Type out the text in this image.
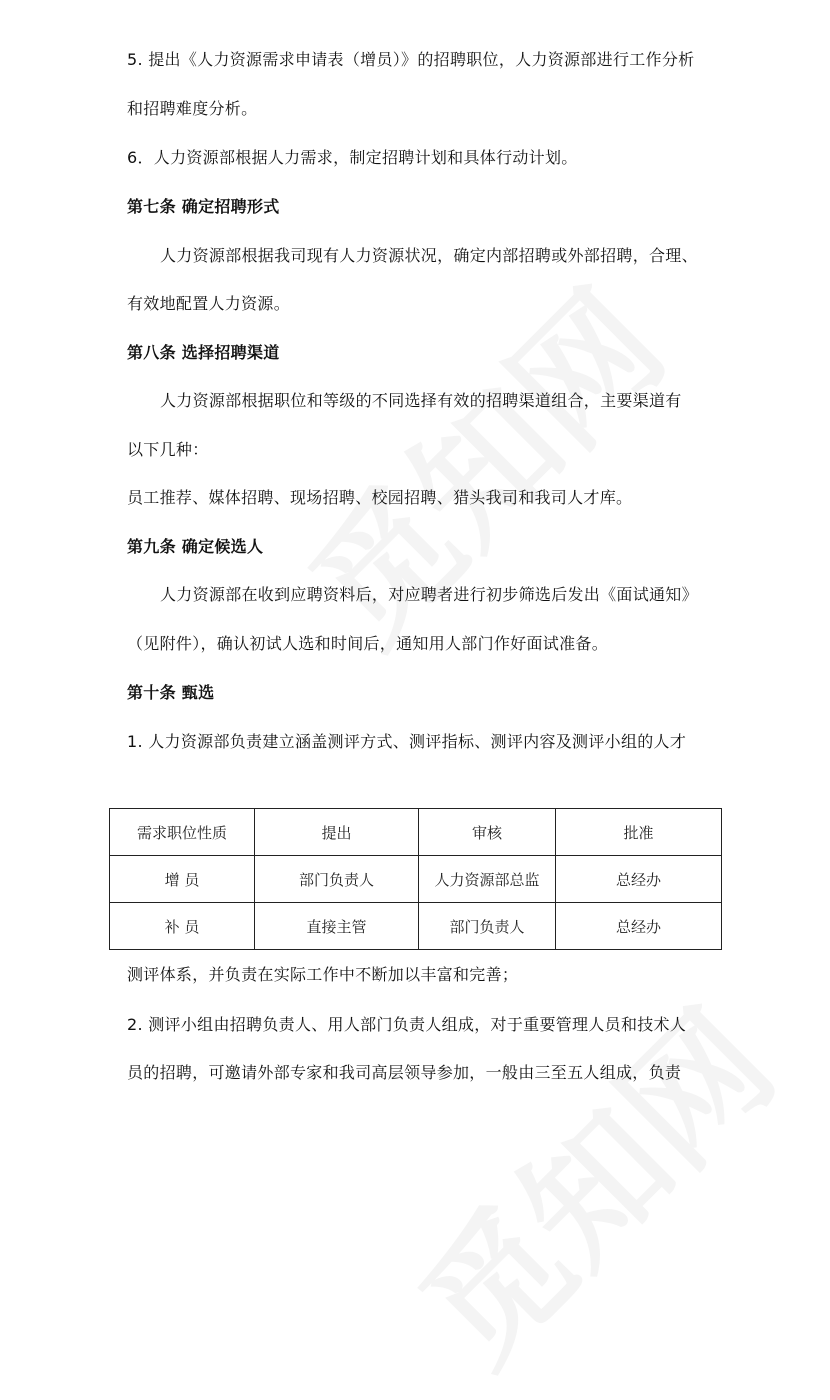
5. 提出《人力资源需求申请表（增员）》的招聘职位，人力资源部进行工作分析
和招聘难度分析。
6．人力资源部根据人力需求，制定招聘计划和具体行动计划。
第七条 确定招聘形式
人力资源部根据我司现有人力资源状况，确定内部招聘或外部招聘，合理、
有效地配置人力资源。
第八条 选择招聘渠道
人力资源部根据职位和等级的不同选择有效的招聘渠道组合，主要渠道有
以下几种：
员工推荐、媒体招聘、现场招聘、校园招聘、猎头我司和我司人才库。
第九条 确定候选人
人力资源部在收到应聘资料后，对应聘者进行初步筛选后发出《面试通知》
（见附件），确认初试人选和时间后，通知用人部门作好面试准备。
第十条 甄选
1. 人力资源部负责建立涵盖测评方式、测评指标、测评内容及测评小组的人才
需求职位性质	提出	审核	批准
增 员	部门负责人	人力资源部总监	总经办
补 员	直接主管	部门负责人	总经办
测评体系，并负责在实际工作中不断加以丰富和完善；
2. 测评小组由招聘负责人、用人部门负责人组成，对于重要管理人员和技术人
员的招聘，可邀请外部专家和我司高层领导参加，一般由三至五人组成，负责
